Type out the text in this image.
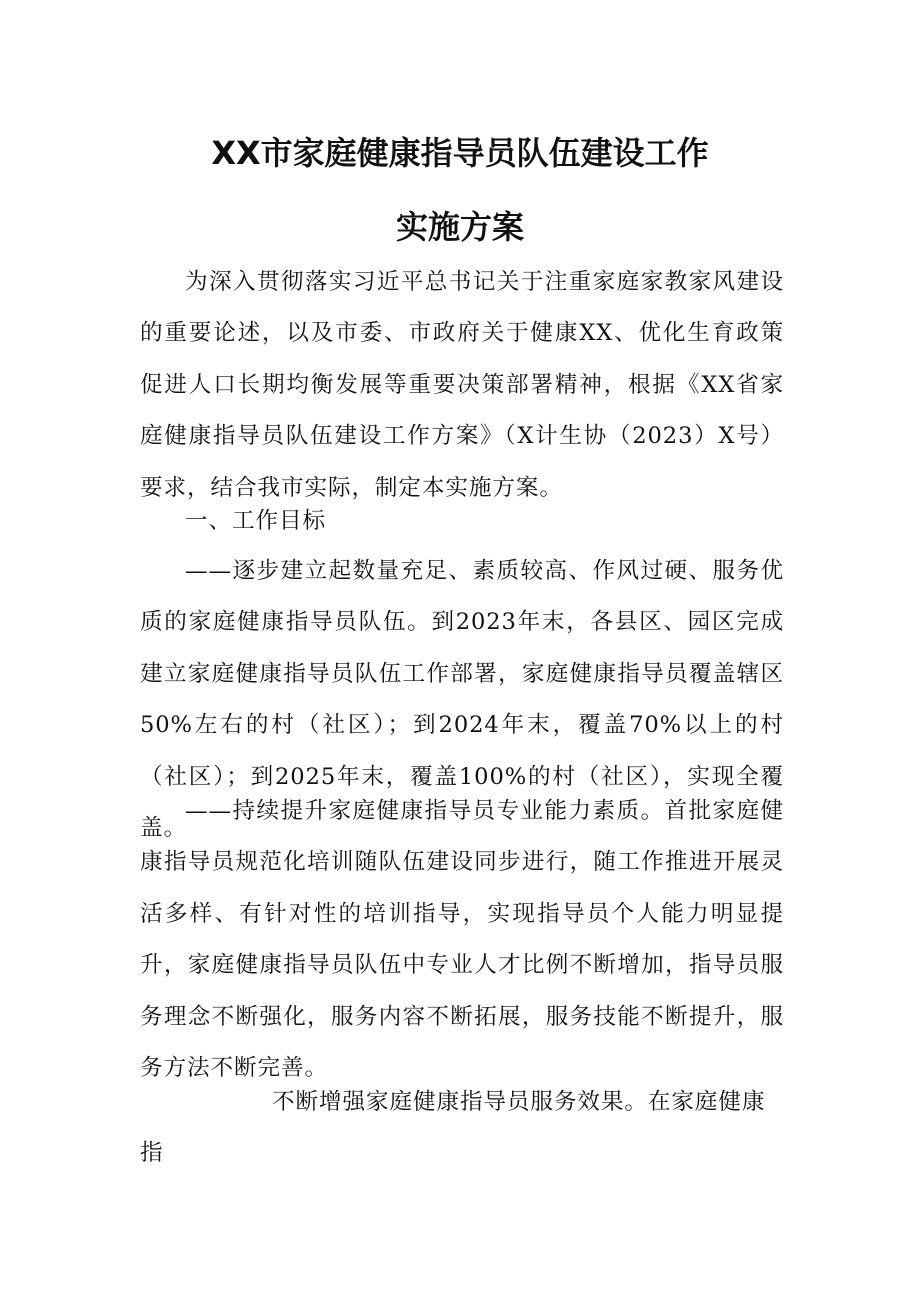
XX市家庭健康指导员队伍建设工作
实施方案

为深入贯彻落实习近平总书记关于注重家庭家教家风建设的重要论述，以及市委、市政府关于健康XX、优化生育政策促进人口长期均衡发展等重要决策部署精神，根据《XX省家庭健康指导员队伍建设工作方案》（X计生协（2023）X号）要求，结合我市实际，制定本实施方案。

一、工作目标

——逐步建立起数量充足、素质较高、作风过硬、服务优质的家庭健康指导员队伍。到2023年末，各县区、园区完成建立家庭健康指导员队伍工作部署，家庭健康指导员覆盖辖区50%左右的村（社区）；到2024年末，覆盖70%以上的村（社区）；到2025年末，覆盖100%的村（社区），实现全覆盖。

——持续提升家庭健康指导员专业能力素质。首批家庭健康指导员规范化培训随队伍建设同步进行，随工作推进开展灵活多样、有针对性的培训指导，实现指导员个人能力明显提升，家庭健康指导员队伍中专业人才比例不断增加，指导员服务理念不断强化，服务内容不断拓展，服务技能不断提升，服务方法不断完善。

不断增强家庭健康指导员服务效果。在家庭健康指
